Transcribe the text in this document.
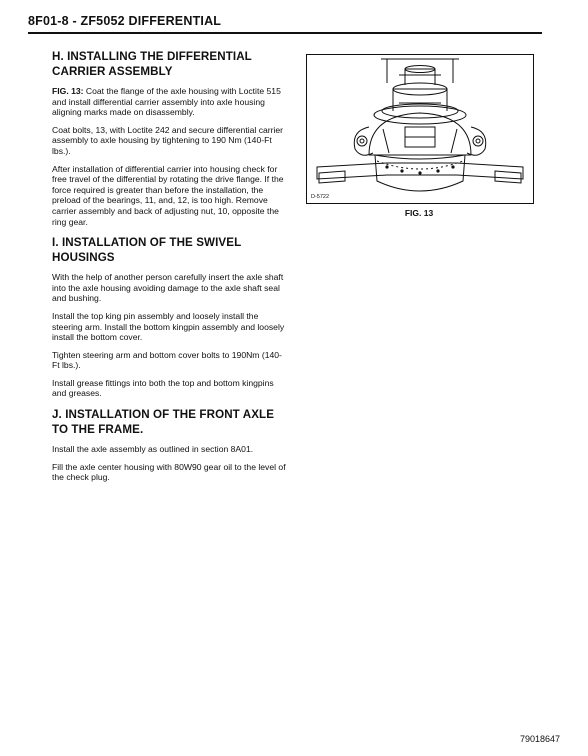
8F01-8 - ZF5052 DIFFERENTIAL
H. INSTALLING THE DIFFERENTIAL CARRIER ASSEMBLY

FIG. 13: Coat the flange of the axle housing with Loctite 515 and install differential carrier assembly into axle housing aligning marks made on disassembly.

Coat bolts, 13, with Loctite 242 and secure differential carrier assembly to axle housing by tightening to 190 Nm (140-Ft lbs.).

After installation of differential carrier into housing check for free travel of the differential by rotating the drive flange. If the force required is greater than before the installation, the preload of the bearings, 11, and, 12, is too high. Remove carrier assembly and back of adjusting nut, 10, opposite the ring gear.

I. INSTALLATION OF THE SWIVEL HOUSINGS

With the help of another person carefully insert the axle shaft into the axle housing avoiding damage to the axle shaft seal and bushing.

Install the top king pin assembly and loosely install the steering arm. Install the bottom kingpin assembly and loosely install the bottom cover.

Tighten steering arm and bottom cover bolts to 190Nm (140-Ft lbs.).

Install grease fittings into both the top and bottom kingpins and greases.

J. INSTALLATION OF THE FRONT AXLE TO THE FRAME.

Install the axle assembly as outlined in section 8A01.

Fill the axle center housing with 80W90 gear oil to the level of the check plug.

D-5722
FIG. 13
79018647
